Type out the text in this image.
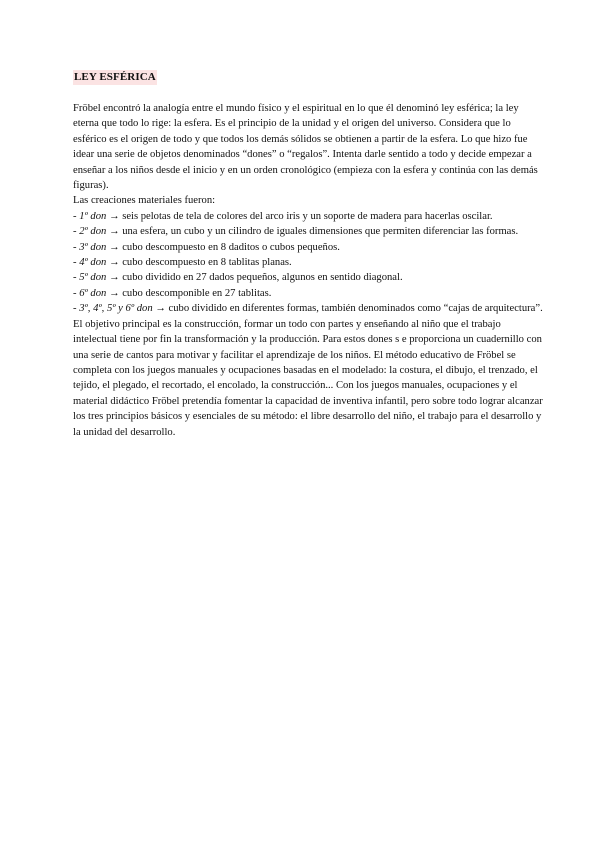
LEY ESFÉRICA

Fröbel encontró la analogía entre el mundo físico y el espiritual en lo que él denominó ley esférica; la ley eterna que todo lo rige: la esfera. Es el principio de la unidad y el origen del universo. Considera que lo esférico es el origen de todo y que todos los demás sólidos se obtienen a partir de la esfera. Lo que hizo fue idear una serie de objetos denominados “dones” o “regalos”. Intenta darle sentido a todo y decide empezar a enseñar a los niños desde el inicio y en un orden cronológico (empieza con la esfera y continúa con las demás figuras).

Las creaciones materiales fueron:

- 1º don → seis pelotas de tela de colores del arco iris y un soporte de madera para hacerlas oscilar.
- 2º don → una esfera, un cubo y un cilindro de iguales dimensiones que permiten diferenciar las formas.
- 3º don → cubo descompuesto en 8 daditos o cubos pequeños.
- 4º don → cubo descompuesto en 8 tablitas planas.
- 5º don → cubo dividido en 27 dados pequeños, algunos en sentido diagonal.
- 6º don → cubo descomponible en 27 tablitas.
- 3º, 4º, 5º y 6º don → cubo dividido en diferentes formas, también denominados como “cajas de arquitectura”. El objetivo principal es la construcción, formar un todo con partes y enseñando al niño que el trabajo intelectual tiene por fin la transformación y la producción. Para estos dones s e proporciona un cuadernillo con una serie de cantos para motivar y facilitar el aprendizaje de los niños. El método educativo de Fröbel se completa con los juegos manuales y ocupaciones basadas en el modelado: la costura, el dibujo, el trenzado, el tejido, el plegado, el recortado, el encolado, la construcción... Con los juegos manuales, ocupaciones y el material didáctico Fröbel pretendía fomentar la capacidad de inventiva infantil, pero sobre todo lograr alcanzar los tres principios básicos y esenciales de su método: el libre desarrollo del niño, el trabajo para el desarrollo y la unidad del desarrollo.
